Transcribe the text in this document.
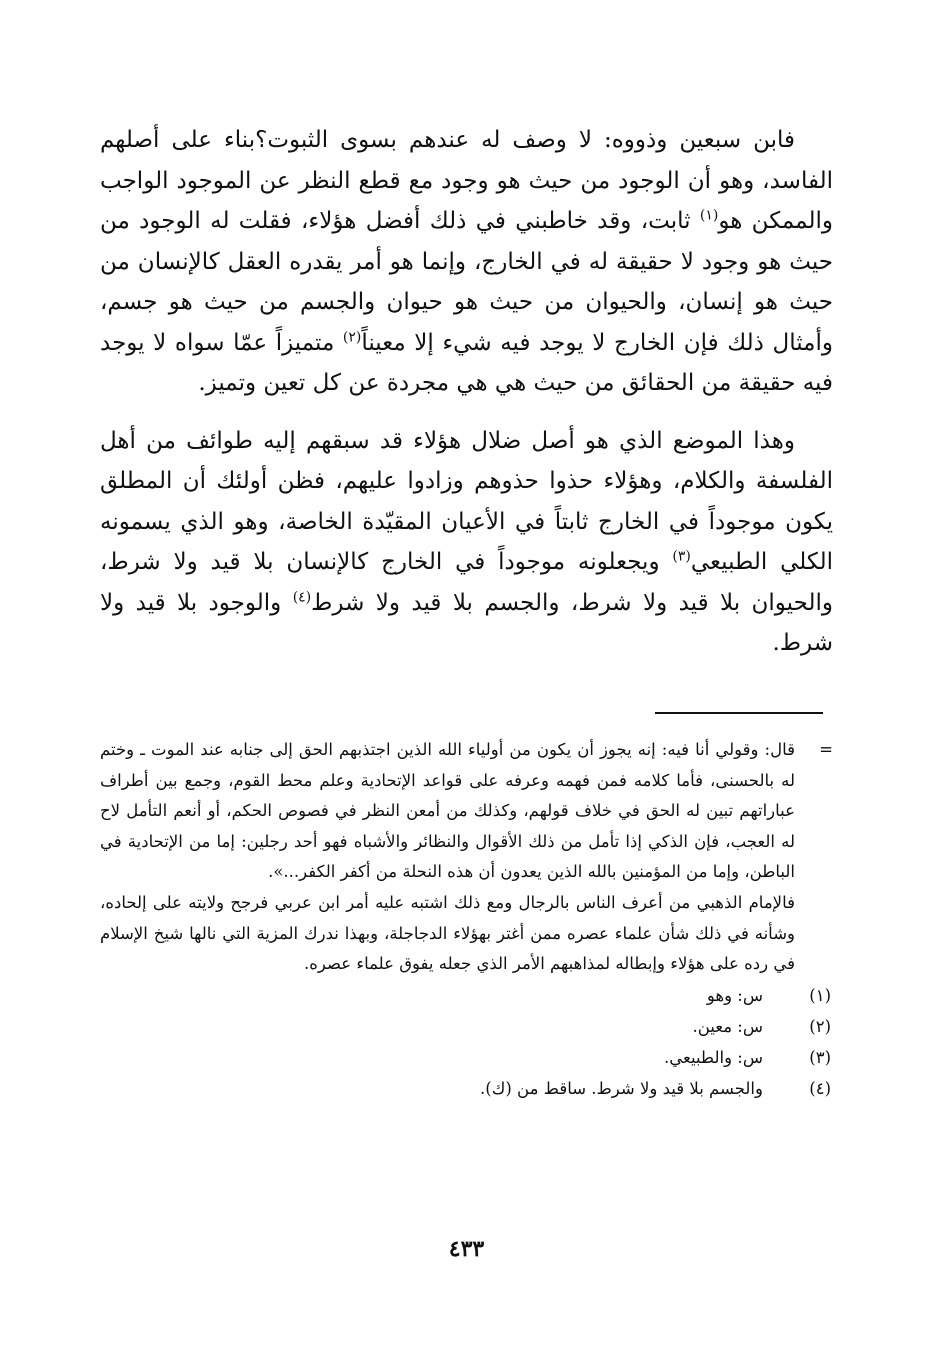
فابن سبعين وذووه: لا وصف له عندهم بسوى الثبوت؟بناء على أصلهم الفاسد، وهو أن الوجود من حيث هو وجود مع قطع النظر عن الموجود الواجب والممكن هو$^{(١)}$ ثابت، وقد خاطبني في ذلك أفضل هؤلاء، فقلت له الوجود من حيث هو وجود لا حقيقة له في الخارج، وإنما هو أمر يقدره العقل كالإنسان من حيث هو إنسان، والحيوان من حيث هو حيوان والجسم من حيث هو جسم، وأمثال ذلك فإن الخارج لا يوجد فيه شيء إلا معيناً$^{(٢)}$ متميزاً عمّا سواه لا يوجد فيه حقيقة من الحقائق من حيث هي هي مجردة عن كل تعين وتميز.

وهذا الموضع الذي هو أصل ضلال هؤلاء قد سبقهم إليه طوائف من أهل الفلسفة والكلام، وهؤلاء حذوا حذوهم وزادوا عليهم، فظن أولئك أن المطلق يكون موجوداً في الخارج ثابتاً في الأعيان المقيّدة الخاصة، وهو الذي يسمونه الكلي الطبيعي$^{(٣)}$ ويجعلونه موجوداً في الخارج كالإنسان بلا قيد ولا شرط، والحيوان بلا قيد ولا شرط، والجسم بلا قيد ولا شرط$^{(٤)}$ والوجود بلا قيد ولا شرط.

=

قال: وقولي أنا فيه: إنه يجوز أن يكون من أولياء الله الذين اجتذبهم الحق إلى جنابه عند الموت ـ وختم له بالحسنى، فأما كلامه فمن فهمه وعرفه على قواعد الإتحادية وعلم محط القوم، وجمع بين أطراف عباراتهم تبين له الحق في خلاف قولهم، وكذلك من أمعن النظر في فصوص الحكم، أو أنعم التأمل لاح له العجب، فإن الذكي إذا تأمل من ذلك الأقوال والنظائر والأشباه فهو أحد رجلين: إما من الإتحادية في الباطن، وإما من المؤمنين بالله الذين يعدون أن هذه النحلة من أكفر الكفر...».

فالإمام الذهبي من أعرف الناس بالرجال ومع ذلك اشتبه عليه أمر ابن عربي فرجح ولايته على إلحاده، وشأنه في ذلك شأن علماء عصره ممن أغتر بهؤلاء الدجاجلة، وبهذا ندرك المزية التي نالها شيخ الإسلام في رده على هؤلاء وإبطاله لمذاهبهم الأمر الذي جعله يفوق علماء عصره.

(١)
س: وهو
(٢)
س: معين.
(٣)
س: والطبيعي.
(٤)
والجسم بلا قيد ولا شرط. ساقط من (ك).
٤٣٣
